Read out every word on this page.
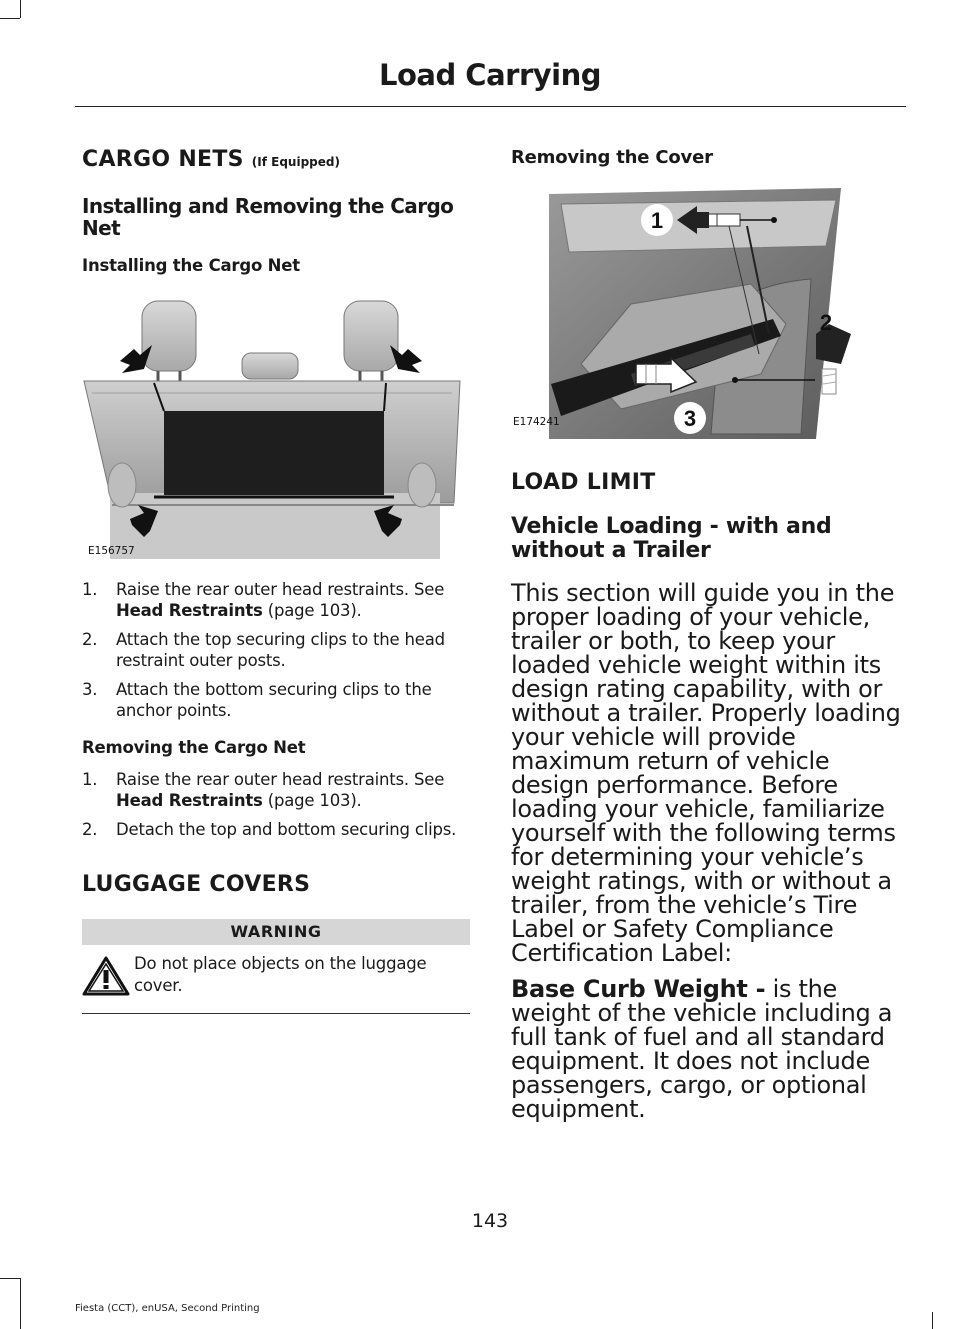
Load Carrying

CARGO NETS (If Equipped)

Installing and Removing the Cargo Net

Installing the Cargo Net

E156757
1. Raise the rear outer head restraints. See Head Restraints (page 103).
2. Attach the top securing clips to the head restraint outer posts.
3. Attach the bottom securing clips to the anchor points.

Removing the Cargo Net

1. Raise the rear outer head restraints. See Head Restraints (page 103).
2. Detach the top and bottom securing clips.

LUGGAGE COVERS

WARNING
Do not place objects on the luggage cover.

Removing the Cover

1
2
3
E174241

LOAD LIMIT

Vehicle Loading - with and without a Trailer

This section will guide you in the proper loading of your vehicle, trailer or both, to keep your loaded vehicle weight within its design rating capability, with or without a trailer. Properly loading your vehicle will provide maximum return of vehicle design performance. Before loading your vehicle, familiarize yourself with the following terms for determining your vehicle’s weight ratings, with or without a trailer, from the vehicle’s Tire Label or Safety Compliance Certification Label:

Base Curb Weight - is the weight of the vehicle including a full tank of fuel and all standard equipment. It does not include passengers, cargo, or optional equipment.

143
Fiesta (CCT), enUSA, Second Printing
